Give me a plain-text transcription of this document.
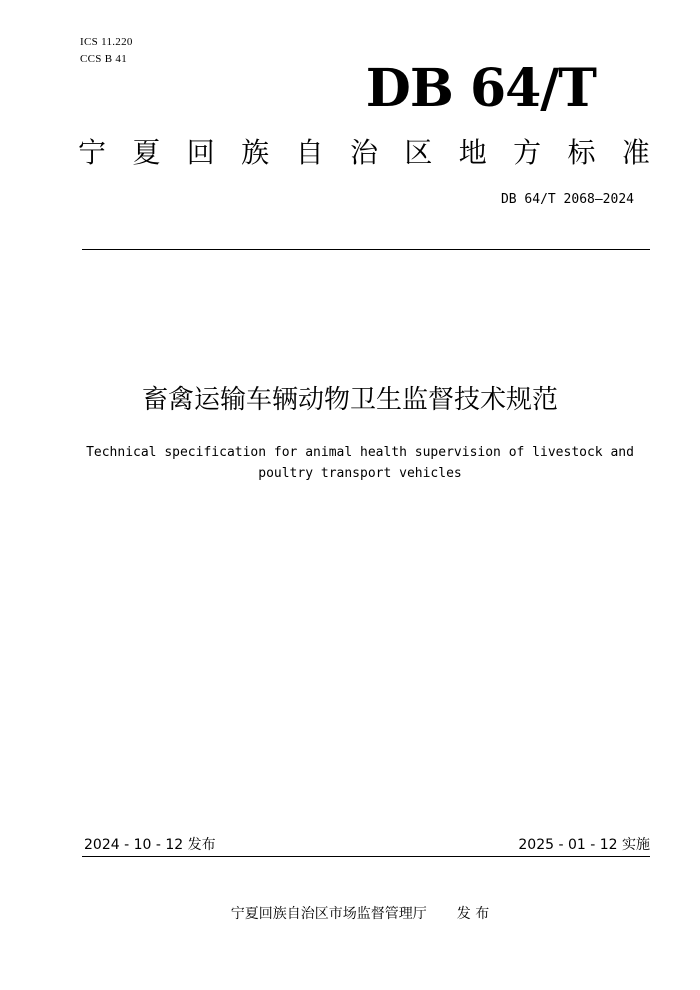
ICS 11.220
CCS B 41	DB 64/T
宁 夏 回 族 自 治 区 地 方 标 准
DB 64/T 2068—2024
畜禽运输车辆动物卫生监督技术规范
Technical specification for animal health supervision of livestock and poultry transport vehicles
2024 - 10 - 12 发布	2025 - 01 - 12 实施
宁夏回族自治区市场监督管理厅 发 布
